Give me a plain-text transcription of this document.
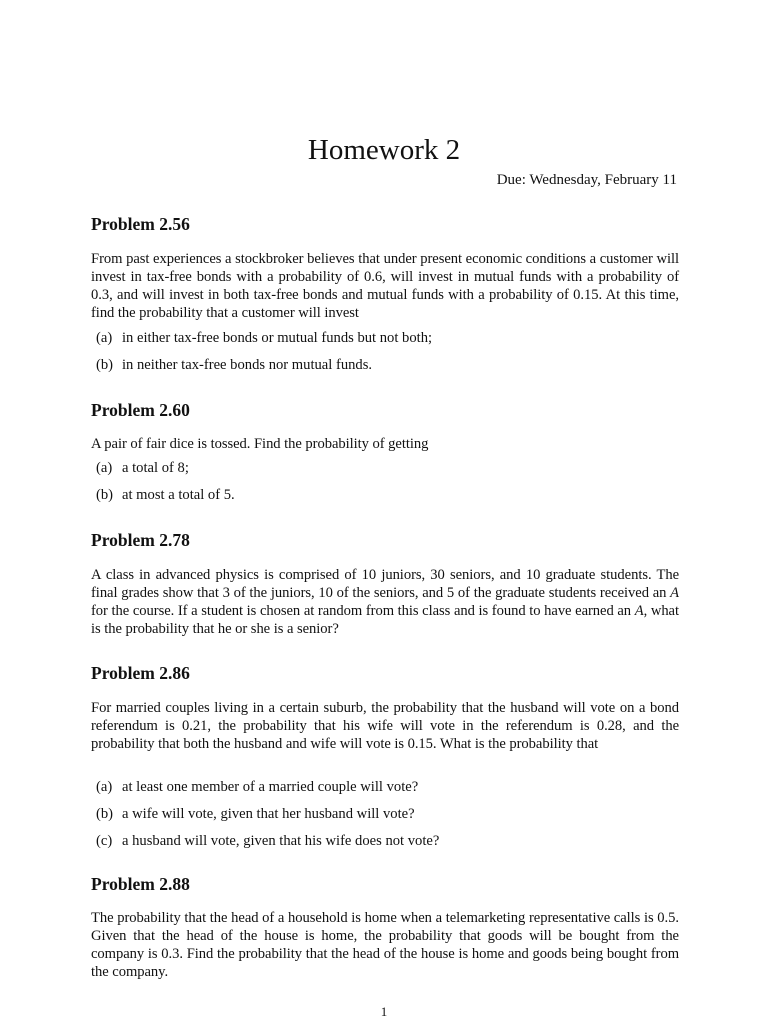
Homework 2
Due: Wednesday, February 11
Problem 2.56

From past experiences a stockbroker believes that under present economic conditions a customer will invest in tax-free bonds with a probability of 0.6, will invest in mutual funds with a probability of 0.3, and will invest in both tax-free bonds and mutual funds with a probability of 0.15. At this time, find the probability that a customer will invest

(a) in either tax-free bonds or mutual funds but not both;
(b) in neither tax-free bonds nor mutual funds.
Problem 2.60

A pair of fair dice is tossed. Find the probability of getting

(a) a total of 8;
(b) at most a total of 5.
Problem 2.78

A class in advanced physics is comprised of 10 juniors, 30 seniors, and 10 graduate students. The final grades show that 3 of the juniors, 10 of the seniors, and 5 of the graduate students received an A for the course. If a student is chosen at random from this class and is found to have earned an A, what is the probability that he or she is a senior?

Problem 2.86

For married couples living in a certain suburb, the probability that the husband will vote on a bond referendum is 0.21, the probability that his wife will vote in the referendum is 0.28, and the probability that both the husband and wife will vote is 0.15. What is the probability that

(a) at least one member of a married couple will vote?
(b) a wife will vote, given that her husband will vote?
(c) a husband will vote, given that his wife does not vote?
Problem 2.88

The probability that the head of a household is home when a telemarketing representative calls is 0.5. Given that the head of the house is home, the probability that goods will be bought from the company is 0.3. Find the probability that the head of the house is home and goods being bought from the company.

1
